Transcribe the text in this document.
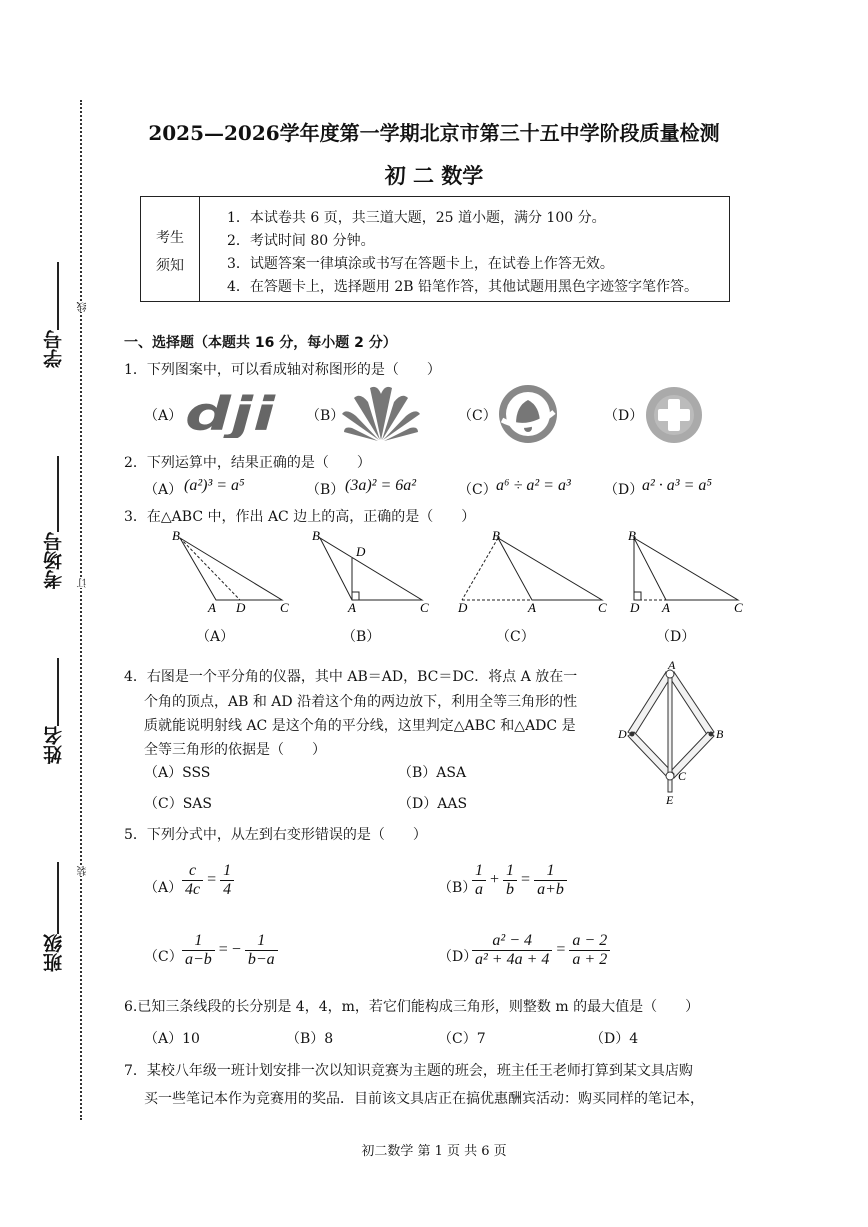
学号
线
考场号 订
姓名
装
班级
2025—2026学年度第一学期北京市第三十五中学阶段质量检测
初 二 数学
考生
须知
1．本试卷共 6 页，共三道大题，25 道小题，满分 100 分。
2．考试时间 80 分钟。
3．试题答案一律填涂或书写在答题卡上，在试卷上作答无效。
4．在答题卡上，选择题用 2B 铅笔作答，其他试题用黑色字迹签字笔作答。
一、选择题（本题共 16 分，每小题 2 分）
1．下列图案中，可以看成轴对称图形的是（　　）
（A） dji （B）	（C）	（D）
2．下列运算中，结果正确的是（　　）
（A） (a²)³ = a⁵	（B） (3a)² = 6a²	（C） a⁶ ÷ a² = a³ （D）
a² · a³ = a⁵
3．在△ABC 中，作出 AC 边上的高，正确的是（　　）
B
A D	C
B
D
A	C
B
D	A	C
B
D A	C
（A）	（B）	（C）	（D）
4．右图是一个平分角的仪器，其中 AB＝AD，BC＝DC．将点 A 放在一
个角的顶点，AB 和 AD 沿着这个角的两边放下，利用全等三角形的性
质就能说明射线 AC 是这个角的平分线，这里判定△ABC 和△ADC 是
全等三角形的依据是（　　）
（A）SSS	（B）ASA
（C）SAS	（D）AAS
A
D	B
C
E
5．下列分式中，从左到右变形错误的是（　　）
$(A) \frac{c}{4c} = \frac{1}{4}$	（B）
$\frac{1}{a} + \frac{1}{b} = \frac{1}{a+b}$
$(C) \frac{1}{a-b}$ = − $\frac{1}{b-a}$	（D）
$\frac{\text{a² − 4}}{\text{a² + 4a + 4}} = \frac{a - 2}{a + 2}$
6.已知三条线段的长分别是 4，4，m，若它们能构成三角形，则整数 m 的最大值是（　　）
（A）10	（B）8	（C）7	（D）4
7．某校八年级一班计划安排一次以知识竞赛为主题的班会，班主任王老师打算到某文具店购
买一些笔记本作为竞赛用的奖品．目前该文具店正在搞优惠酬宾活动：购买同样的笔记本，
初二数学 第 1 页 共 6 页
